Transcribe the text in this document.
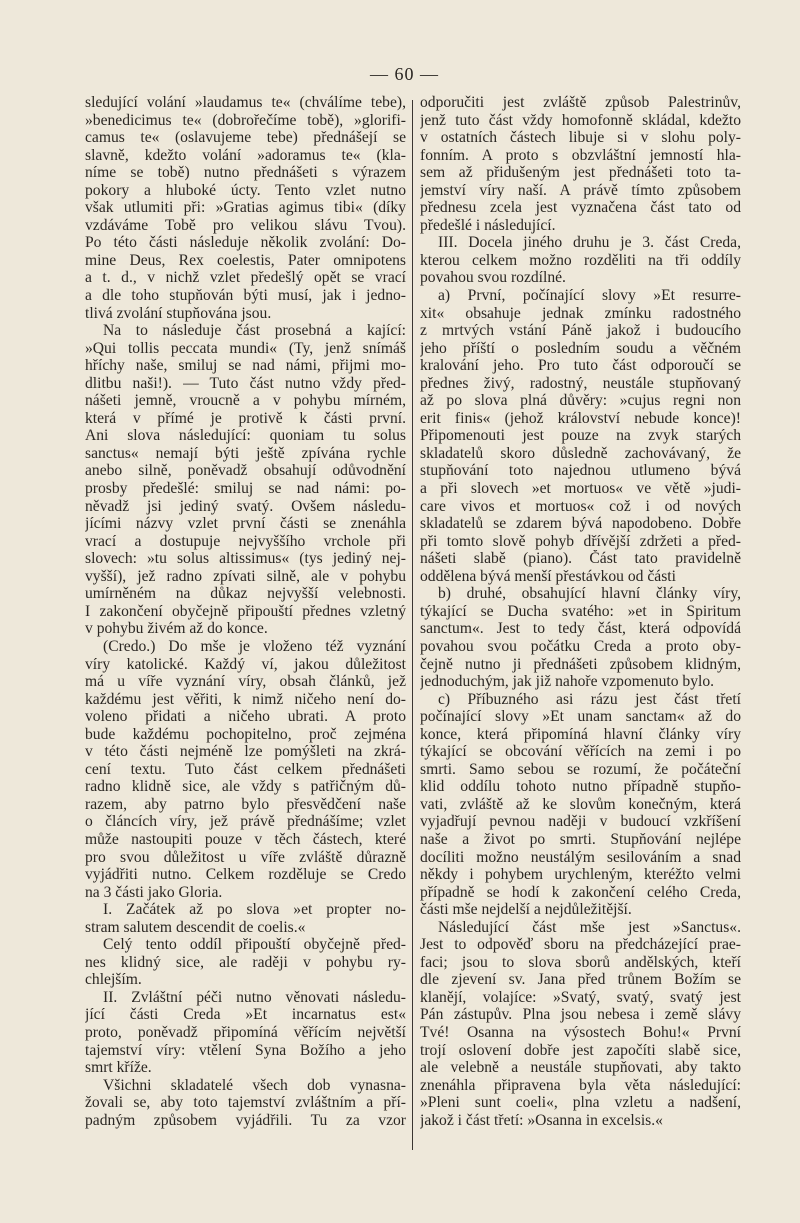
— 60 —
sledující volání »laudamus te« (chválíme tebe),
»benedicimus te« (dobrořečíme tobě), »glorifi-
camus te« (oslavujeme tebe) přednášejí se
slavně, kdežto volání »adoramus te« (kla-
níme se tobě) nutno přednášeti s výrazem
pokory a hluboké úcty. Tento vzlet nutno
však utlumiti při: »Gratias agimus tibi« (díky
vzdáváme Tobě pro velikou slávu Tvou).
Po této části následuje několik zvolání: Do-
mine Deus, Rex coelestis, Pater omnipotens
a t. d., v nichž vzlet předešlý opět se vrací
a dle toho stupňován býti musí, jak i jedno-
tlivá zvolání stupňována jsou.
Na to následuje část prosebná a kající:
»Qui tollis peccata mundi« (Ty, jenž snímáš
hříchy naše, smiluj se nad námi, přijmi mo-
dlitbu naši!). — Tuto část nutno vždy před-
nášeti jemně, vroucně a v pohybu mírném,
která v přímé je protivě k části první.
Ani slova následující: quoniam tu solus
sanctus« nemají býti ještě zpívána rychle
anebo silně, poněvadž obsahují odůvodnění
prosby předešlé: smiluj se nad námi: po-
něvadž jsi jediný svatý. Ovšem následu-
jícími názvy vzlet první části se znenáhla
vrací a dostupuje nejvyššího vrchole při
slovech: »tu solus altissimus« (tys jediný nej-
vyšší), jež radno zpívati silně, ale v pohybu
umírněném na důkaz nejvyšší velebnosti.
I zakončení obyčejně připouští přednes vzletný
v pohybu živém až do konce.
(Credo.) Do mše je vloženo též vyznání
víry katolické. Každý ví, jakou důležitost
má u víře vyznání víry, obsah článků, jež
každému jest věřiti, k nimž ničeho není do-
voleno přidati a ničeho ubrati. A proto
bude každému pochopitelno, proč zejména
v této části nejméně lze pomýšleti na zkrá-
cení textu. Tuto část celkem přednášeti
radno klidně sice, ale vždy s patřičným dů-
razem, aby patrno bylo přesvědčení naše
o článcích víry, jež právě přednášíme; vzlet
může nastoupiti pouze v těch částech, které
pro svou důležitost u víře zvláště důrazně
vyjádřiti nutno. Celkem rozděluje se Credo
na 3 části jako Gloria.
I. Začátek až po slova »et propter no-
stram salutem descendit de coelis.«
Celý tento oddíl připouští obyčejně před-
nes klidný sice, ale raději v pohybu ry-
chlejším.
II. Zvláštní péči nutno věnovati následu-
jící části Creda »Et incarnatus est«
proto, poněvadž připomíná věřícím největší
tajemství víry: vtělení Syna Božího a jeho
smrt kříže.
Všichni skladatelé všech dob vynasna-
žovali se, aby toto tajemství zvláštním a pří-
padným způsobem vyjádřili. Tu za vzor
odporučiti jest zvláště způsob Palestrinův,
jenž tuto část vždy homofonně skládal, kdežto
v ostatních částech libuje si v slohu poly-
fonním. A proto s obzvláštní jemností hla-
sem až přidušeným jest přednášeti toto ta-
jemství víry naší. A právě tímto způsobem
přednesu zcela jest vyznačena část tato od
předešlé i následující.
III. Docela jiného druhu je 3. část Creda,
kterou celkem možno rozděliti na tři oddíly
povahou svou rozdílné.
a) První, počínající slovy »Et resurre-
xit« obsahuje jednak zmínku radostného
z mrtvých vstání Páně jakož i budoucího
jeho příští o posledním soudu a věčném
kralování jeho. Pro tuto část odporoučí se
přednes živý, radostný, neustále stupňovaný
až po slova plná důvěry: »cujus regni non
erit finis« (jehož království nebude konce)!
Připomenouti jest pouze na zvyk starých
skladatelů skoro důsledně zachovávaný, že
stupňování toto najednou utlumeno bývá
a při slovech »et mortuos« ve větě »judi-
care vivos et mortuos« což i od nových
skladatelů se zdarem bývá napodobeno. Dobře
při tomto slově pohyb dřívější zdržeti a před-
nášeti slabě (piano). Část tato pravidelně
oddělena bývá menší přestávkou od části
b) druhé, obsahující hlavní články víry,
týkající se Ducha svatého: »et in Spiritum
sanctum«. Jest to tedy část, která odpovídá
povahou svou počátku Creda a proto oby-
čejně nutno ji přednášeti způsobem klidným,
jednoduchým, jak již nahoře vzpomenuto bylo.
c) Příbuzného asi rázu jest část třetí
počínající slovy »Et unam sanctam« až do
konce, která připomíná hlavní články víry
týkající se obcování věřících na zemi i po
smrti. Samo sebou se rozumí, že počáteční
klid oddílu tohoto nutno případně stupňo-
vati, zvláště až ke slovům konečným, která
vyjadřují pevnou naději v budoucí vzkříšení
naše a život po smrti. Stupňování nejlépe
docíliti možno neustálým sesilováním a snad
někdy i pohybem urychleným, kteréžto velmi
případně se hodí k zakončení celého Creda,
části mše nejdelší a nejdůležitější.
Následující část mše jest »Sanctus«.
Jest to odpověď sboru na předcházející prae-
faci; jsou to slova sborů andělských, kteří
dle zjevení sv. Jana před trůnem Božím se
klanějí, volajíce: »Svatý, svatý, svatý jest
Pán zástupův. Plna jsou nebesa i země slávy
Tvé! Osanna na výsostech Bohu!« První
trojí oslovení dobře jest započíti slabě sice,
ale velebně a neustále stupňovati, aby takto
znenáhla připravena byla věta následující:
»Pleni sunt coeli«, plna vzletu a nadšení,
jakož i část třetí: »Osanna in excelsis.«
